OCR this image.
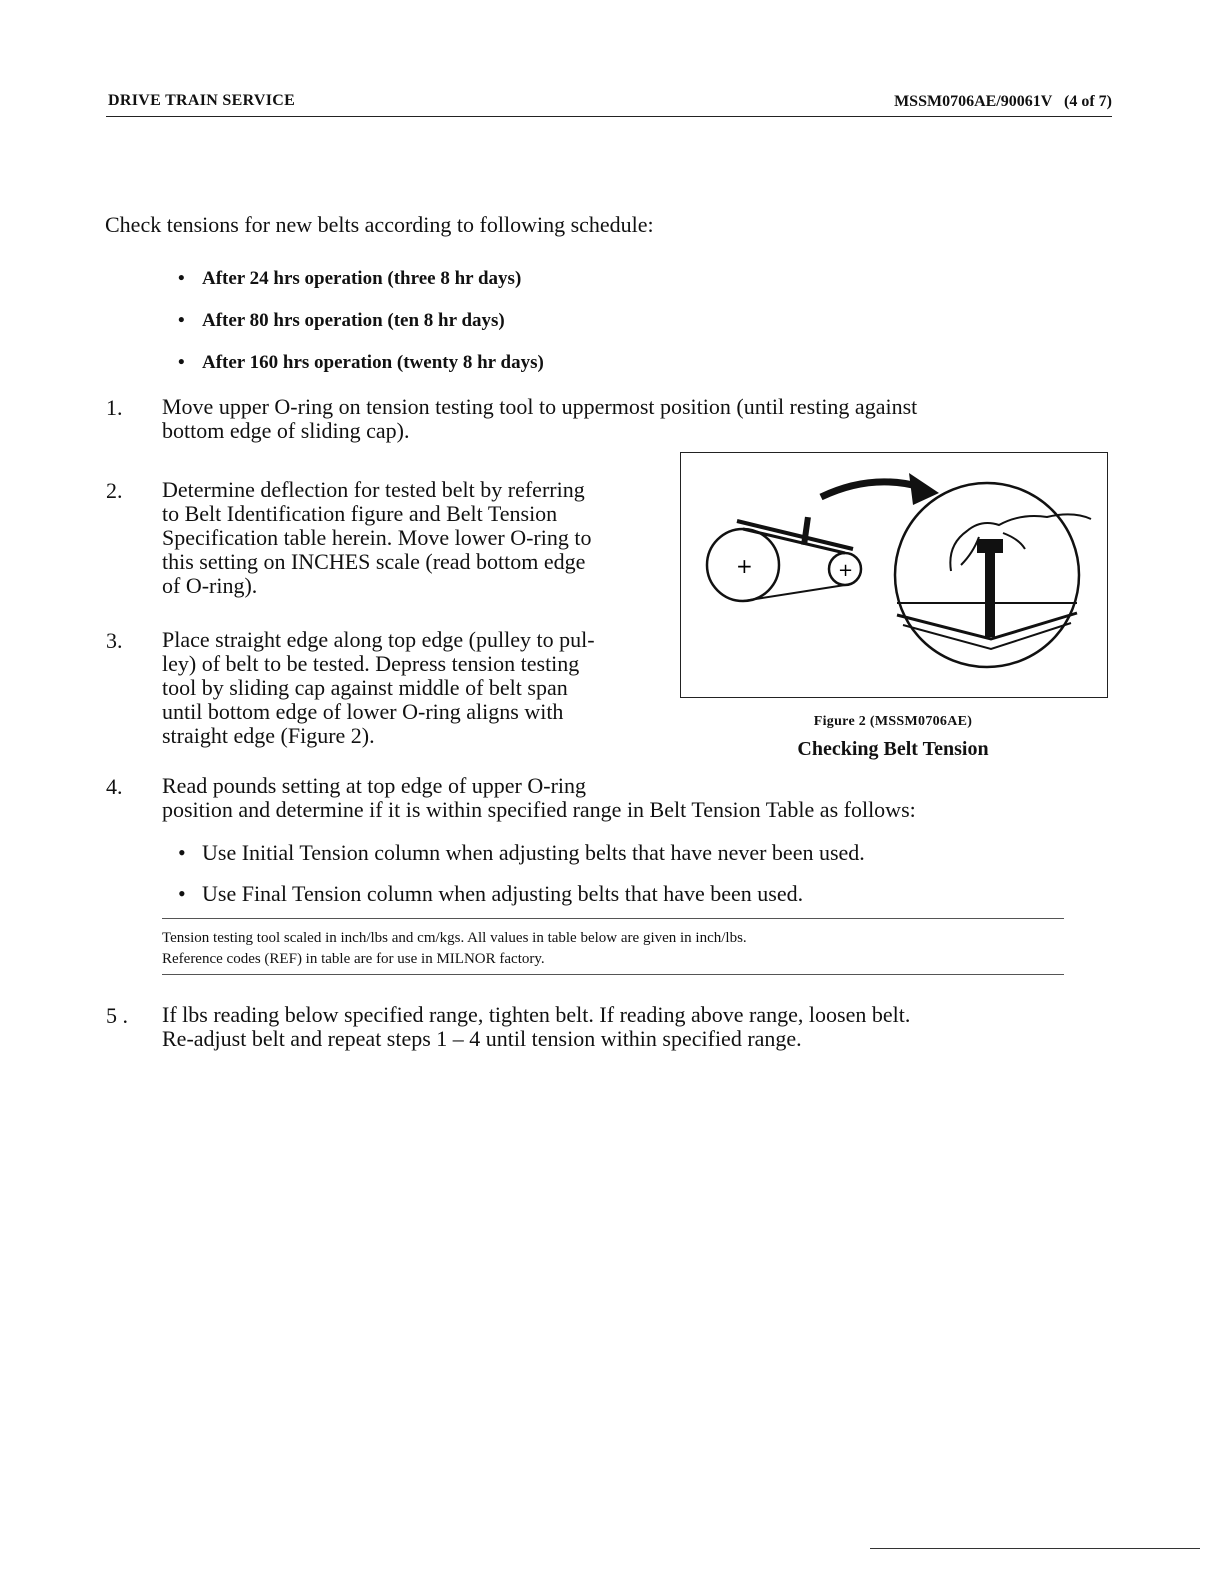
DRIVE TRAIN SERVICE	MSSM0706AE/90061V (4 of 7)
Check tensions for new belts according to following schedule:
• After 24 hrs operation (three 8 hr days)
• After 80 hrs operation (ten 8 hr days)
• After 160 hrs operation (twenty 8 hr days)
1.	Move upper O-ring on tension testing tool to uppermost position (until resting against
bottom edge of sliding cap).
2.	Determine deflection for tested belt by referring
to Belt Identification figure and Belt Tension
Specification table herein. Move lower O-ring to
this setting on INCHES scale (read bottom edge
of O-ring).
3.	Place straight edge along top edge (pulley to pul-
ley) of belt to be tested. Depress tension testing
tool by sliding cap against middle of belt span
until bottom edge of lower O-ring aligns with
straight edge (Figure 2).
+	+
Figure 2 (MSSM0706AE)
Checking Belt Tension
4.	Read pounds setting at top edge of upper O-ring
position and determine if it is within specified range in Belt Tension Table as follows:
• Use Initial Tension column when adjusting belts that have never been used.
• Use Final Tension column when adjusting belts that have been used.
Tension testing tool scaled in inch/lbs and cm/kgs. All values in table below are given in inch/lbs.
Reference codes (REF) in table are for use in MILNOR factory.
5 .	If lbs reading below specified range, tighten belt. If reading above range, loosen belt.
Re-adjust belt and repeat steps 1 – 4 until tension within specified range.
